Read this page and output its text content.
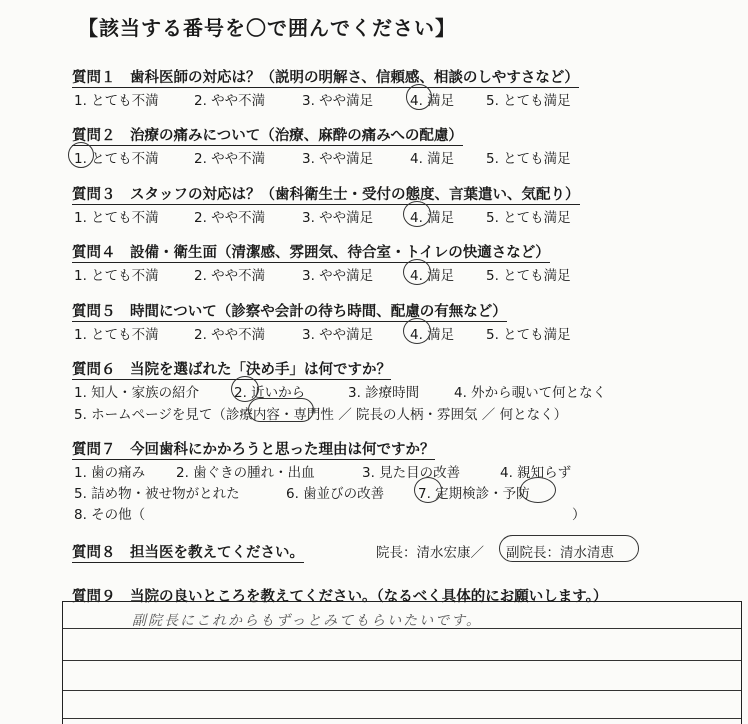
【該当する番号を〇で囲んでください】
質問１　歯科医師の対応は？（説明の明解さ、信頼感、相談のしやすさなど）
1. とても不満	2. やや不満	3. やや満足	4. 満足 5. とても満足
質問２　治療の痛みについて（治療、麻酔の痛みへの配慮）
1. とても不満	2. やや不満	3. やや満足	4. 満足 5. とても満足
質問３　スタッフの対応は？（歯科衛生士・受付の態度、言葉遣い、気配り）
1. とても不満	2. やや不満	3. やや満足	4. 満足 5. とても満足
質問４　設備・衛生面（清潔感、雰囲気、待合室・トイレの快適さなど）
1. とても不満	2. やや不満	3. やや満足	4. 満足 5. とても満足
質問５　時間について（診察や会計の待ち時間、配慮の有無など）
1. とても不満	2. やや不満	3. やや満足	4. 満足 5. とても満足
質問６　当院を選ばれた「決め手」は何ですか？
1. 知人・家族の紹介	2. 近いから	3. 診療時間	4. 外から覗いて何となく
5. ホームページを見て（診療内容・専門性 ／ 院長の人柄・雰囲気 ／ 何となく）
質問７　今回歯科にかかろうと思った理由は何ですか？
1. 歯の痛み 2. 歯ぐきの腫れ・出血	3. 見た目の改善	4. 親知らず
5. 詰め物・被せ物がとれた	6. 歯並びの改善	7. 定期検診・予防
8. その他（	）
質問８　担当医を教えてください。	院長：清水宏康／ 副院長：清水清恵
質問９　当院の良いところを教えてください。（なるべく具体的にお願いします。）
副院長にこれからもずっとみてもらいたいです。
